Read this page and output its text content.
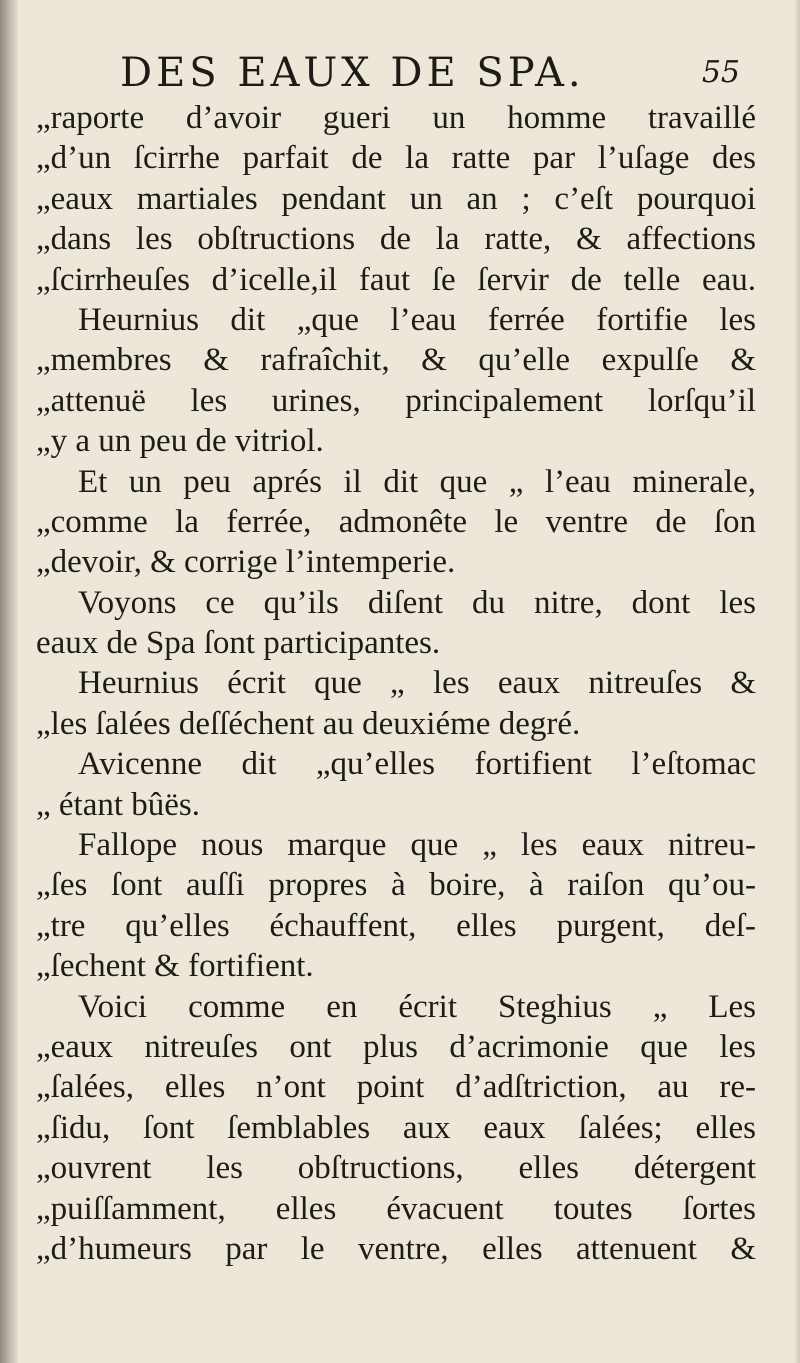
DES EAUX DE SPA.	55
„raporte d’avoir gueri un homme travaillé
„d’un ſcirrhe parfait de la ratte par l’uſage des
„eaux martiales pendant un an ; c’eſt pourquoi
„dans les obſtructions de la ratte, & affections
„ſcirrheuſes d’icelle,il faut ſe ſervir de telle eau.
Heurnius dit „que l’eau ferrée fortifie les
„membres & rafraîchit, & qu’elle expulſe &
„attenuë les urines, principalement lorſqu’il
„y a un peu de vitriol.
Et un peu aprés il dit que „ l’eau minerale,
„comme la ferrée, admonête le ventre de ſon
„devoir, & corrige l’intemperie.
Voyons ce qu’ils diſent du nitre, dont les
eaux de Spa ſont participantes.
Heurnius écrit que „ les eaux nitreuſes &
„les ſalées deſſéchent au deuxiéme degré.
Avicenne dit „qu’elles fortifient l’eſtomac
„ étant bûës.
Fallope nous marque que „ les eaux nitreu-
„ſes ſont auſſi propres à boire, à raiſon qu’ou-
„tre qu’elles échauffent, elles purgent, deſ-
„ſechent & fortifient.
Voici comme en écrit Steghius „ Les
„eaux nitreuſes ont plus d’acrimonie que les
„ſalées, elles n’ont point d’adſtriction, au re-
„ſidu, ſont ſemblables aux eaux ſalées; elles
„ouvrent les obſtructions, elles détergent
„puiſſamment, elles évacuent toutes ſortes
„d’humeurs par le ventre, elles attenuent &
